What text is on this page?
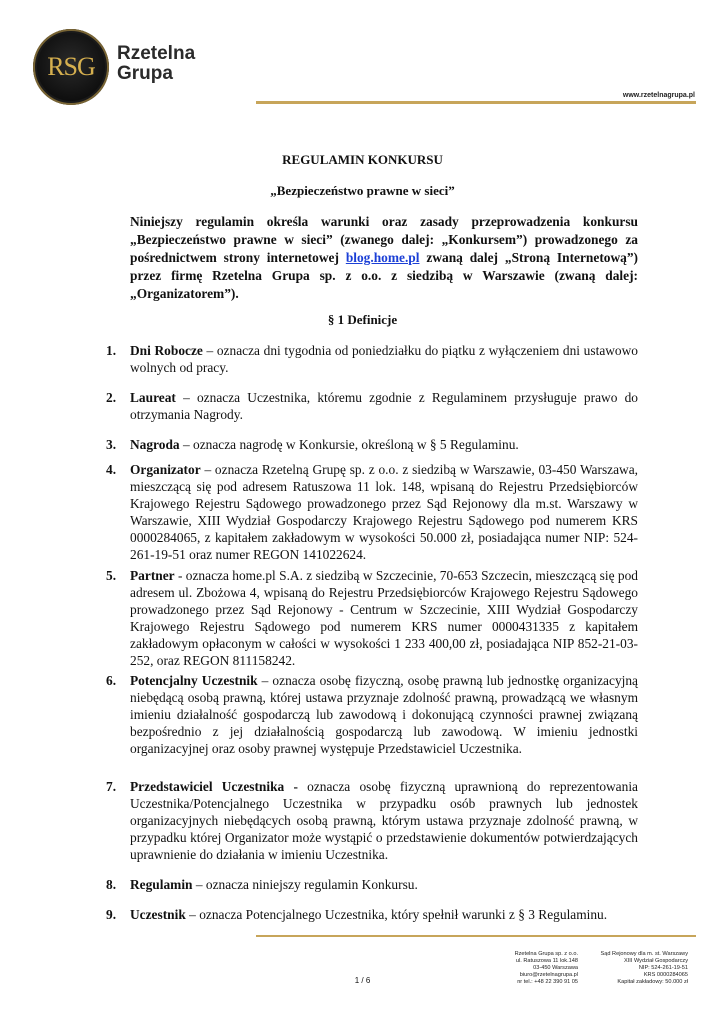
RSG	Rzetelna
Grupa
www.rzetelnagrupa.pl
REGULAMIN KONKURSU
„Bezpieczeństwo prawne w sieci”
Niniejszy regulamin określa warunki oraz zasady przeprowadzenia konkursu „Bezpieczeństwo prawne w sieci” (zwanego dalej: „Konkursem”) prowadzonego za pośrednictwem strony internetowej blog.home.pl zwaną dalej „Stroną Internetową”) przez firmę Rzetelna Grupa sp. z o.o. z siedzibą w Warszawie (zwaną dalej: „Organizatorem”).
§ 1 Definicje
1. Dni Robocze – oznacza dni tygodnia od poniedziałku do piątku z wyłączeniem dni ustawowo wolnych od pracy.
2. Laureat – oznacza Uczestnika, któremu zgodnie z Regulaminem przysługuje prawo do otrzymania Nagrody.
3. Nagroda – oznacza nagrodę w Konkursie, określoną w § 5 Regulaminu.
4. Organizator – oznacza Rzetelną Grupę sp. z o.o. z siedzibą w Warszawie, 03-450 Warszawa, mieszczącą się pod adresem Ratuszowa 11 lok. 148, wpisaną do Rejestru Przedsiębiorców Krajowego Rejestru Sądowego prowadzonego przez Sąd Rejonowy dla m.st. Warszawy w Warszawie, XIII Wydział Gospodarczy Krajowego Rejestru Sądowego pod numerem KRS 0000284065, z kapitałem zakładowym w wysokości 50.000 zł, posiadająca numer NIP: 524-261-19-51 oraz numer REGON 141022624.
5. Partner - oznacza home.pl S.A. z siedzibą w Szczecinie, 70-653 Szczecin, mieszczącą się pod adresem ul. Zbożowa 4, wpisaną do Rejestru Przedsiębiorców Krajowego Rejestru Sądowego prowadzonego przez Sąd Rejonowy - Centrum w Szczecinie, XIII Wydział Gospodarczy Krajowego Rejestru Sądowego pod numerem KRS numer 0000431335 z kapitałem zakładowym opłaconym w całości w wysokości 1 233 400,00 zł, posiadająca NIP 852-21-03-252, oraz REGON 811158242.
6. Potencjalny Uczestnik – oznacza osobę fizyczną, osobę prawną lub jednostkę organizacyjną niebędącą osobą prawną, której ustawa przyznaje zdolność prawną, prowadzącą we własnym imieniu działalność gospodarczą lub zawodową i dokonującą czynności prawnej związaną bezpośrednio z jej działalnością gospodarczą lub zawodową. W imieniu jednostki organizacyjnej oraz osoby prawnej występuje Przedstawiciel Uczestnika.
7. Przedstawiciel Uczestnika - oznacza osobę fizyczną uprawnioną do reprezentowania Uczestnika/Potencjalnego Uczestnika w przypadku osób prawnych lub jednostek organizacyjnych niebędących osobą prawną, którym ustawa przyznaje zdolność prawną, w przypadku której Organizator może wystąpić o przedstawienie dokumentów potwierdzających uprawnienie do działania w imieniu Uczestnika.
8. Regulamin – oznacza niniejszy regulamin Konkursu.
9. Uczestnik – oznacza Potencjalnego Uczestnika, który spełnił warunki z § 3 Regulaminu.
Rzetelna Grupa sp. z o.o.
ul. Ratuszowa 11 lok.148
03-450 Warszawa
biuro@rzetelnagrupa.pl
nr tel.: +48 22 390 91 05
Sąd Rejonowy dla m. st. Warszawy
XIII Wydział Gospodarczy
NIP: 524-261-19-51
KRS 0000284065
Kapitał zakładowy: 50.000 zł
1 / 6
